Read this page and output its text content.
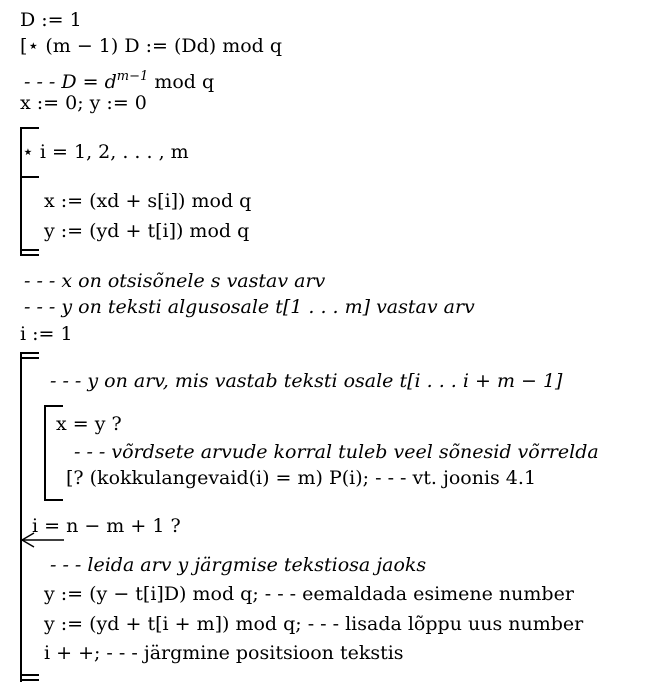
D := 1
[⋆ (m − 1) D := (Dd) mod q
- - - $D = d^{m-1}$ mod q
x := 0; y := 0
⋆ i = 1, 2, . . . , m
x := (xd + s[i]) mod q
y := (yd + t[i]) mod q
- - - x on otsisõnele s vastav arv
- - - y on teksti algusosale t[1 . . . m] vastav arv
i := 1
- - - y on arv, mis vastab teksti osale t[i . . . i + m − 1]
x = y ?
- - - võrdsete arvude korral tuleb veel sõnesid võrrelda
[? (kokkulangevaid(i) = m) P(i); - - - vt. joonis 4.1
i = n − m + 1 ?
- - - leida arv y järgmise tekstiosa jaoks
y := (y − t[i]D) mod q; - - - eemaldada esimene number
y := (yd + t[i + m]) mod q; - - - lisada lõppu uus number
i + +; - - - järgmine positsioon tekstis
